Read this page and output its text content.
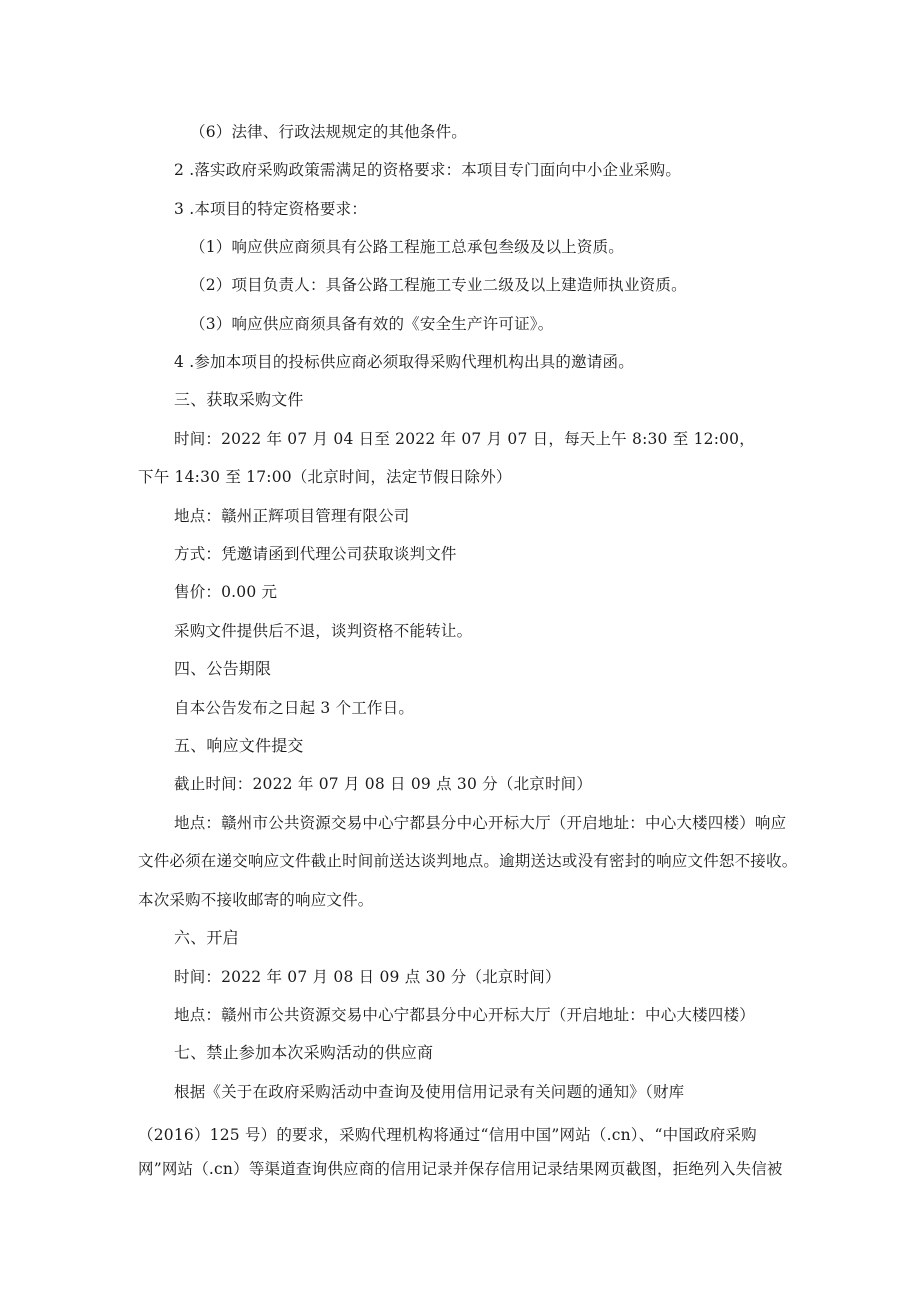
（6）法律、行政法规规定的其他条件。
2 .落实政府采购政策需满足的资格要求：本项目专门面向中小企业采购。
3 .本项目的特定资格要求：
（1）响应供应商须具有公路工程施工总承包叁级及以上资质。
（2）项目负责人：具备公路工程施工专业二级及以上建造师执业资质。
（3）响应供应商须具备有效的《安全生产许可证》。
4 .参加本项目的投标供应商必须取得采购代理机构出具的邀请函。
三、获取采购文件
时间：2022 年 07 月 04 日至 2022 年 07 月 07 日，每天上午 8:30 至 12:00，
下午 14:30 至 17:00（北京时间，法定节假日除外）
地点：赣州正辉项目管理有限公司
方式：凭邀请函到代理公司获取谈判文件
售价：0.00 元
采购文件提供后不退，谈判资格不能转让。
四、公告期限
自本公告发布之日起 3 个工作日。
五、响应文件提交
截止时间：2022 年 07 月 08 日 09 点 30 分（北京时间）
地点：赣州市公共资源交易中心宁都县分中心开标大厅（开启地址：中心大楼四楼）响应
文件必须在递交响应文件截止时间前送达谈判地点。逾期送达或没有密封的响应文件恕不接收。
本次采购不接收邮寄的响应文件。
六、开启
时间：2022 年 07 月 08 日 09 点 30 分（北京时间）
地点：赣州市公共资源交易中心宁都县分中心开标大厅（开启地址：中心大楼四楼）
七、禁止参加本次采购活动的供应商
根据《关于在政府采购活动中查询及使用信用记录有关问题的通知》（财库
（2016）125 号）的要求，采购代理机构将通过“信用中国”网站（.cn）、“中国政府采购
网”网站（.cn）等渠道查询供应商的信用记录并保存信用记录结果网页截图，拒绝列入失信被
